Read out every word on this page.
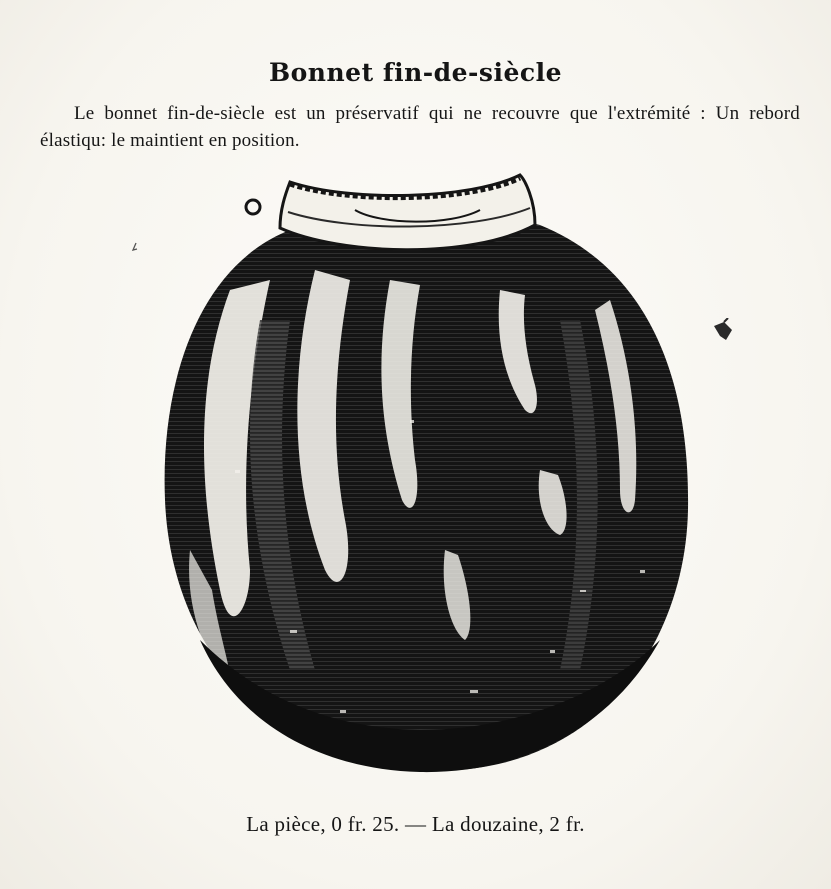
Bonnet fin-de-siècle
Le bonnet fin-de-siècle est un préservatif qui ne recouvre que l'extrémité : Un rebord élastiqu: le maintient en position.
La pièce, 0 fr. 25. — La douzaine, 2 fr.
